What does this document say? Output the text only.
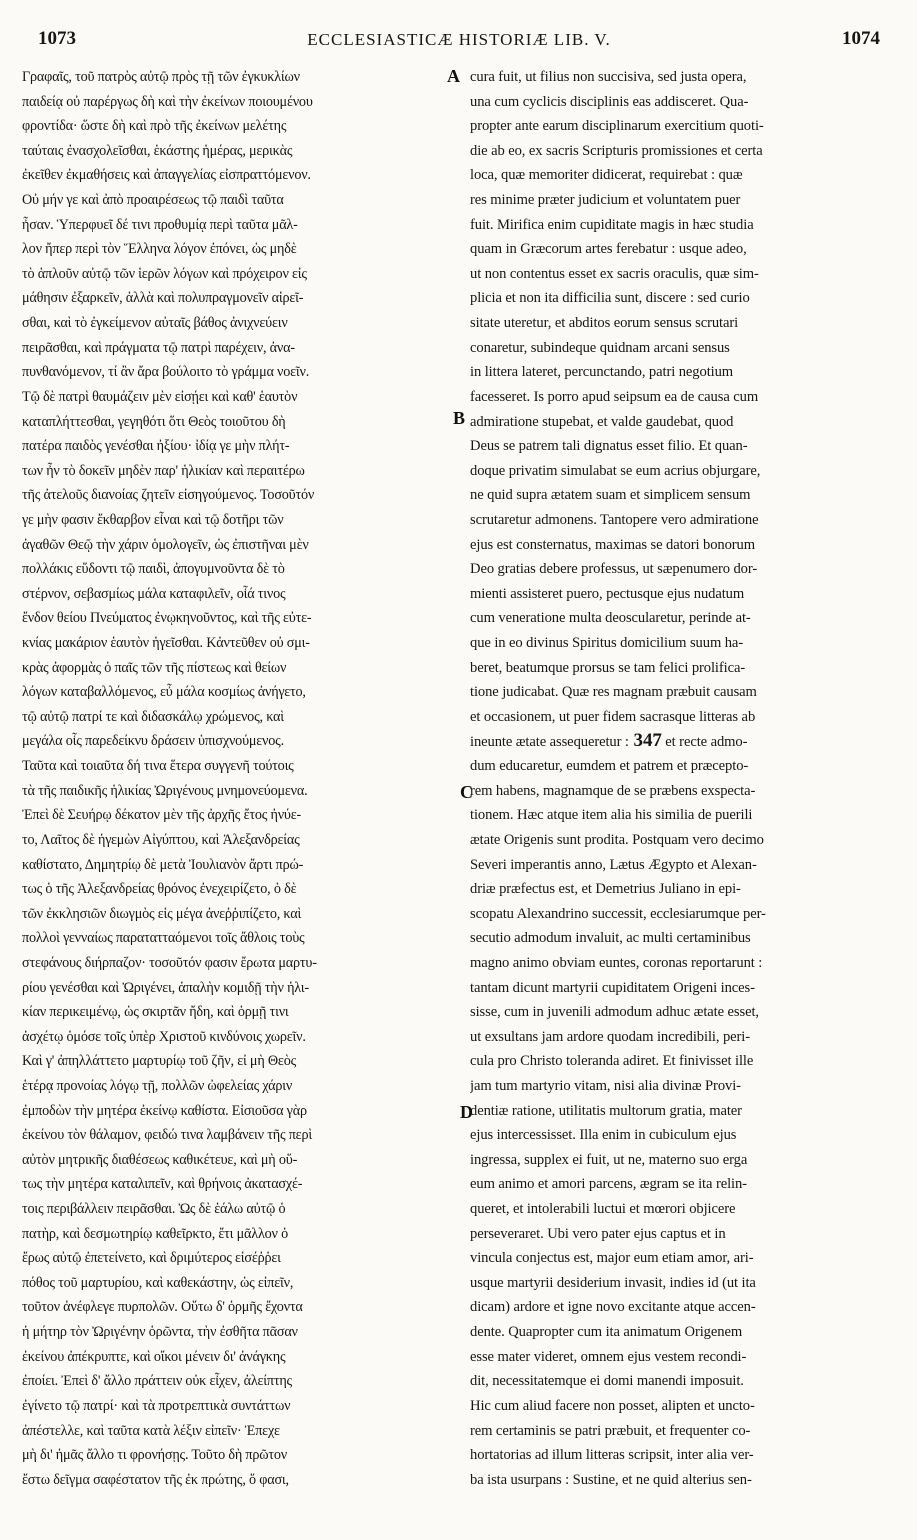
1073	ECCLESIASTICÆ HISTORIÆ LIB. V.	1074
Γραφαῖς, τοῦ πατρὸς αὐτῷ πρὸς τῇ τῶν ἐγκυκλίων
παιδείᾳ οὐ παρέργως δὴ καὶ τὴν ἐκείνων ποιουμένου
φροντίδα· ὥστε δὴ καὶ πρὸ τῆς ἐκείνων μελέτης
ταύταις ἐνασχολεῖσθαι, ἑκάστης ἡμέρας, μερικὰς
ἐκεῖθεν ἐκμαθήσεις καὶ ἀπαγγελίας εἰσπραττόμενον.
Οὐ μήν γε καὶ ἀπὸ προαιρέσεως τῷ παιδὶ ταῦτα
ἦσαν. Ὑπερφυεῖ δέ τινι προθυμίᾳ περὶ ταῦτα μᾶλ-
λον ἤπερ περὶ τὸν Ἕλληνα λόγον ἐπόνει, ὡς μηδὲ
τὸ ἁπλοῦν αὐτῷ τῶν ἱερῶν λόγων καὶ πρόχειρον εἰς
μάθησιν ἐξαρκεῖν, ἀλλὰ καὶ πολυπραγμονεῖν αἱρεῖ-
σθαι, καὶ τὸ ἐγκείμενον αὐταῖς βάθος ἀνιχνεύειν
πειρᾶσθαι, καὶ πράγματα τῷ πατρὶ παρέχειν, ἀνα-
πυνθανόμενον, τί ἂν ἄρα βούλοιτο τὸ γράμμα νοεῖν.
Τῷ δὲ πατρὶ θαυμάζειν μὲν εἰσῄει καὶ καθ' ἑαυτὸν
καταπλήττεσθαι, γεγηθότι ὅτι Θεὸς τοιοῦτου δὴ
πατέρα παιδὸς γενέσθαι ἠξίου· ἰδίᾳ γε μὴν πλήτ-
των ἦν τὸ δοκεῖν μηδὲν παρ' ἡλικίαν καὶ περαιτέρω
τῆς ἀτελοῦς διανοίας ζητεῖν εἰσηγούμενος. Τοσοῦτόν
γε μὴν φασιν ἔκθαρβον εἶναι καὶ τῷ δοτῆρι τῶν
ἀγαθῶν Θεῷ τὴν χάριν ὁμολογεῖν, ὡς ἐπιστῆναι μὲν
πολλάκις εὕδοντι τῷ παιδὶ, ἀπογυμνοῦντα δὲ τὸ
στέρνον, σεβασμίως μάλα καταφιλεῖν, οἷά τινος
ἔνδον θείου Πνεύματος ἐνῳκηνοῦντος, καὶ τῆς εὐτε-
κνίας μακάριον ἑαυτὸν ἡγεῖσθαι. Κἀντεῦθεν οὐ σμι-
κρὰς ἀφορμὰς ὁ παῖς τῶν τῆς πίστεως καὶ θείων
λόγων καταβαλλόμενος, εὖ μάλα κοσμίως ἀνήγετο,
τῷ αὐτῷ πατρί τε καὶ διδασκάλῳ χρώμενος, καὶ
μεγάλα οἷς παρεδείκνυ δράσειν ὑπισχνούμενος.
Ταῦτα καὶ τοιαῦτα δή τινα ἕτερα συγγενῆ τούτοις
τὰ τῆς παιδικῆς ἡλικίας Ὠριγένους μνημονεύομενα.
Ἐπεὶ δὲ Σευήρῳ δέκατον μὲν τῆς ἀρχῆς ἔτος ἠνύε-
το, Λαῖτος δὲ ἡγεμὼν Αἰγύπτου, καὶ Ἀλεξανδρείας
καθίστατο, Δημητρίῳ δὲ μετὰ Ἰουλιανὸν ἄρτι πρώ-
τως ὁ τῆς Ἀλεξανδρείας θρόνος ἐνεχειρίζετο, ὁ δὲ
τῶν ἐκκλησιῶν διωγμὸς εἰς μέγα ἀνεῤῥιπίζετο, καὶ
πολλοὶ γενναίως παρατατταόμενοι τοῖς ἄθλοις τοὺς
στεφάνους διήρπαζον· τοσοῦτόν φασιν ἔρωτα μαρτυ-
ρίου γενέσθαι καὶ Ὠριγένει, ἁπαλὴν κομιδῇ τὴν ἡλι-
κίαν περικειμένῳ, ὡς σκιρτᾶν ἤδη, καὶ ὁρμῇ τινι
ἀσχέτῳ ὁμόσε τοῖς ὑπὲρ Χριστοῦ κινδύνοις χωρεῖν.
Καὶ γ' ἀπηλλάττετο μαρτυρίῳ τοῦ ζῆν, εἰ μὴ Θεὸς
ἑτέρᾳ προνοίας λόγῳ τῇ, πολλῶν ὠφελείας χάριν
ἐμποδὼν τὴν μητέρα ἐκείνῳ καθίστα. Εἰσιοῦσα γὰρ
ἐκείνου τὸν θάλαμον, φειδώ τινα λαμβάνειν τῆς περὶ
αὐτὸν μητρικῆς διαθέσεως καθικέτευε, καὶ μὴ οὕ-
τως τὴν μητέρα καταλιπεῖν, καὶ θρήνοις ἀκατασχέ-
τοις περιβάλλειν πειρᾶσθαι. Ὡς δὲ ἑάλω αὐτῷ ὁ
πατὴρ, καὶ δεσμωτηρίῳ καθεῖρκτο, ἔτι μᾶλλον ὁ
ἔρως αὐτῷ ἐπετείνετο, καὶ δριμύτερος εἰσέῤῥει
πόθος τοῦ μαρτυρίου, καὶ καθεκάστην, ὡς εἰπεῖν,
τοῦτον ἀνέφλεγε πυρπολῶν. Οὕτω δ' ὁρμῆς ἔχοντα
ἡ μήτηρ τὸν Ὠριγένην ὁρῶντα, τὴν ἐσθῆτα πᾶσαν
ἐκείνου ἀπέκρυπτε, καὶ οἴκοι μένειν δι' ἀνάγκης
ἐποίει. Ἐπεὶ δ' ἄλλο πράττειν οὐκ εἶχεν, ἀλείπτης
ἐγίνετο τῷ πατρί· καὶ τὰ προτρεπτικὰ συντάττων
ἀπέστελλε, καὶ ταῦτα κατὰ λέξιν εἰπεῖν· Ἐπεχε
μὴ δι' ἡμᾶς ἄλλο τι φρονήσῃς. Τοῦτο δὴ πρῶτον
ἔστω δεῖγμα σαφέστατον τῆς ἐκ πρώτης, ὅ φασι,
cura fuit, ut filius non succisiva, sed justa opera,
una cum cyclicis disciplinis eas addisceret. Qua-
propter ante earum disciplinarum exercitium quoti-
die ab eo, ex sacris Scripturis promissiones et certa
loca, quæ memoriter didicerat, requirebat : quæ
res minime præter judicium et voluntatem puer
fuit. Mirifica enim cupiditate magis in hæc studia
quam in Græcorum artes ferebatur : usque adeo,
ut non contentus esset ex sacris oraculis, quæ sim-
plicia et non ita difficilia sunt, discere : sed curio
sitate uteretur, et abditos eorum sensus scrutari
conaretur, subindeque quidnam arcani sensus
in littera lateret, percunctando, patri negotium
facesseret. Is porro apud seipsum ea de causa cum
admiratione stupebat, et valde gaudebat, quod
Deus se patrem tali dignatus esset filio. Et quan-
doque privatim simulabat se eum acrius objurgare,
ne quid supra ætatem suam et simplicem sensum
scrutaretur admonens. Tantopere vero admiratione
ejus est consternatus, maximas se datori bonorum
Deo gratias debere professus, ut sæpenumero dor-
mienti assisteret puero, pectusque ejus nudatum
cum veneratione multa deoscularetur, perinde at-
que in eo divinus Spiritus domicilium suum ha-
beret, beatumque prorsus se tam felici prolifica-
tione judicabat. Quæ res magnam præbuit causam
et occasionem, ut puer fidem sacrasque litteras ab
ineunte ætate assequeretur : 347 et recte admo-
dum educaretur, eumdem et patrem et præcepto-
rem habens, magnamque de se præbens exspecta-
tionem. Hæc atque item alia his similia de puerili
ætate Origenis sunt prodita. Postquam vero decimo
Severi imperantis anno, Lætus Ægypto et Alexan-
driæ præfectus est, et Demetrius Juliano in epi-
scopatu Alexandrino successit, ecclesiarumque per-
secutio admodum invaluit, ac multi certaminibus
magno animo obviam euntes, coronas reportarunt :
tantam dicunt martyrii cupiditatem Origeni inces-
sisse, cum in juvenili admodum adhuc ætate esset,
ut exsultans jam ardore quodam incredibili, peri-
cula pro Christo toleranda adiret. Et finivisset ille
jam tum martyrio vitam, nisi alia divinæ Provi-
dentiæ ratione, utilitatis multorum gratia, mater
ejus intercessisset. Illa enim in cubiculum ejus
ingressa, supplex ei fuit, ut ne, materno suo erga
eum animo et amori parcens, ægram se ita relin-
queret, et intolerabili luctui et mœrori objicere
perseveraret. Ubi vero pater ejus captus et in
vincula conjectus est, major eum etiam amor, ari-
usque martyrii desiderium invasit, indies id (ut ita
dicam) ardore et igne novo excitante atque accen-
dente. Quapropter cum ita animatum Origenem
esse mater videret, omnem ejus vestem recondi-
dit, necessitatemque ei domi manendi imposuit.
Hic cum aliud facere non posset, alipten et uncto-
rem certaminis se patri præbuit, et frequenter co-
hortatorias ad illum litteras scripsit, inter alia ver-
ba ista usurpans : Sustine, et ne quid alterius sen-
A
B
C
D
